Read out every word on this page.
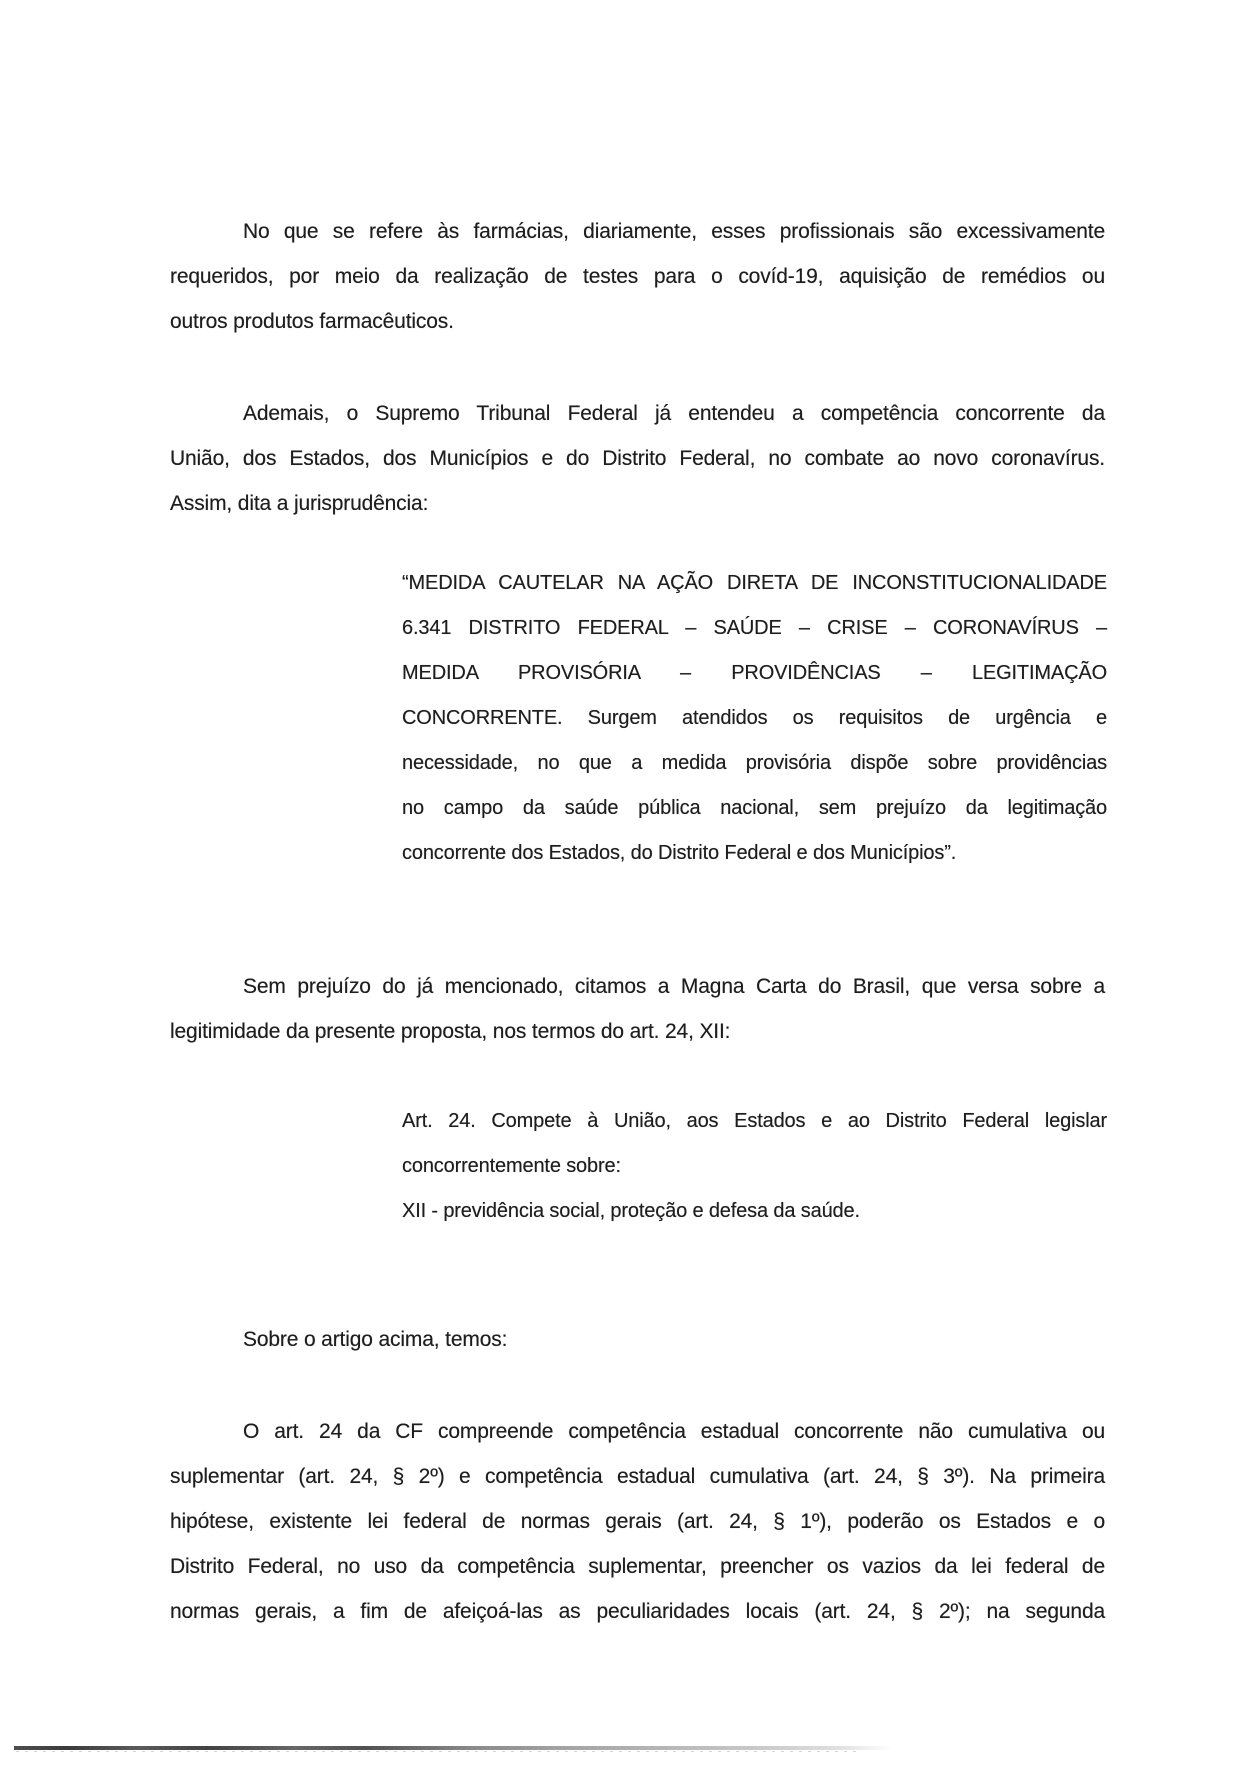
No que se refere às farmácias, diariamente, esses profissionais são excessivamente
requeridos, por meio da realização de testes para o covíd-19, aquisição de remédios ou
outros produtos farmacêuticos.
Ademais, o Supremo Tribunal Federal já entendeu a competência concorrente da
União, dos Estados, dos Municípios e do Distrito Federal, no combate ao novo coronavírus.
Assim, dita a jurisprudência:
“MEDIDA CAUTELAR NA AÇÃO DIRETA DE INCONSTITUCIONALIDADE
6.341 DISTRITO FEDERAL – SAÚDE – CRISE – CORONAVÍRUS –
MEDIDA PROVISÓRIA – PROVIDÊNCIAS – LEGITIMAÇÃO
CONCORRENTE. Surgem atendidos os requisitos de urgência e
necessidade, no que a medida provisória dispõe sobre providências
no campo da saúde pública nacional, sem prejuízo da legitimação
concorrente dos Estados, do Distrito Federal e dos Municípios”.
Sem prejuízo do já mencionado, citamos a Magna Carta do Brasil, que versa sobre a
legitimidade da presente proposta, nos termos do art. 24, XII:
Art. 24. Compete à União, aos Estados e ao Distrito Federal legislar
concorrentemente sobre:
XII - previdência social, proteção e defesa da saúde.
Sobre o artigo acima, temos:
O art. 24 da CF compreende competência estadual concorrente não cumulativa ou
suplementar (art. 24, § 2º) e competência estadual cumulativa (art. 24, § 3º). Na primeira
hipótese, existente lei federal de normas gerais (art. 24, § 1º), poderão os Estados e o
Distrito Federal, no uso da competência suplementar, preencher os vazios da lei federal de
normas gerais, a fim de afeiçoá-las as peculiaridades locais (art. 24, § 2º); na segunda
